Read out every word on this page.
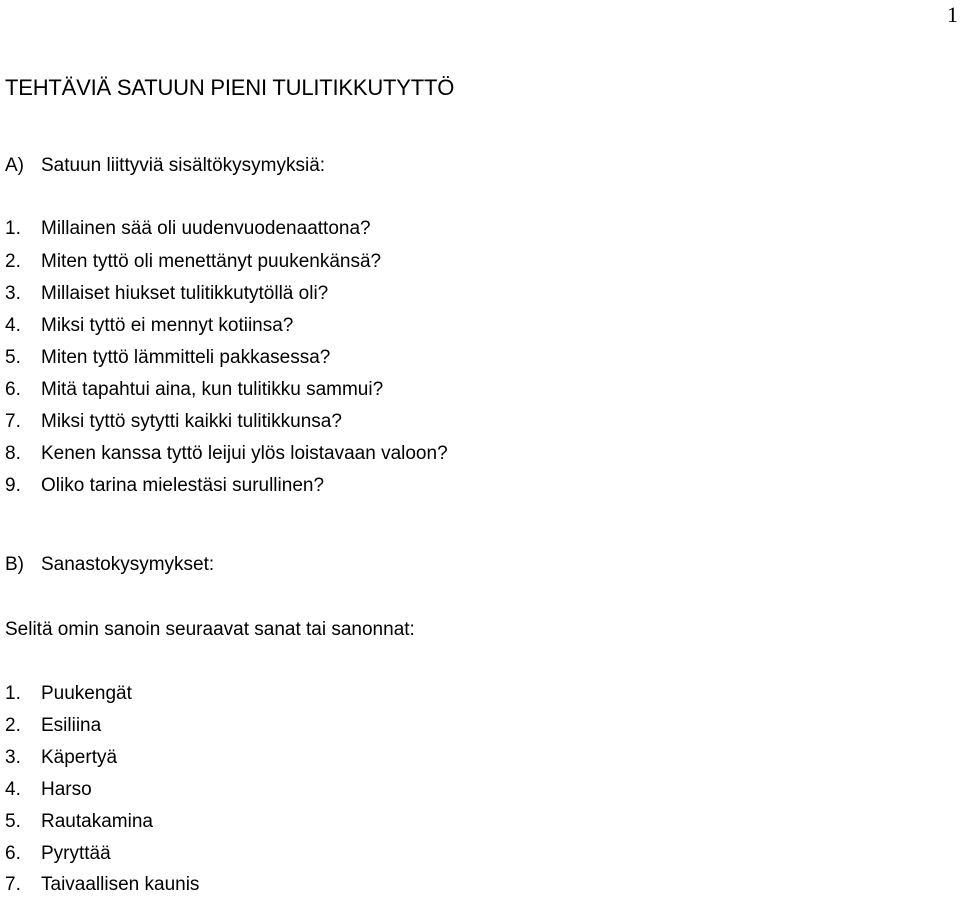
1
TEHTÄVIÄ SATUUN PIENI TULITIKKUTYTTÖ
A) Satuun liittyviä sisältökysymyksiä:
1. Millainen sää oli uudenvuodenaattona?
2. Miten tyttö oli menettänyt puukenkänsä?
3. Millaiset hiukset tulitikkutytöllä oli?
4. Miksi tyttö ei mennyt kotiinsa?
5. Miten tyttö lämmitteli pakkasessa?
6. Mitä tapahtui aina, kun tulitikku sammui?
7. Miksi tyttö sytytti kaikki tulitikkunsa?
8. Kenen kanssa tyttö leijui ylös loistavaan valoon?
9. Oliko tarina mielestäsi surullinen?
B) Sanastokysymykset:
Selitä omin sanoin seuraavat sanat tai sanonnat:
1. Puukengät
2. Esiliina
3. Käpertyä
4. Harso
5. Rautakamina
6. Pyryttää
7. Taivaallisen kaunis
